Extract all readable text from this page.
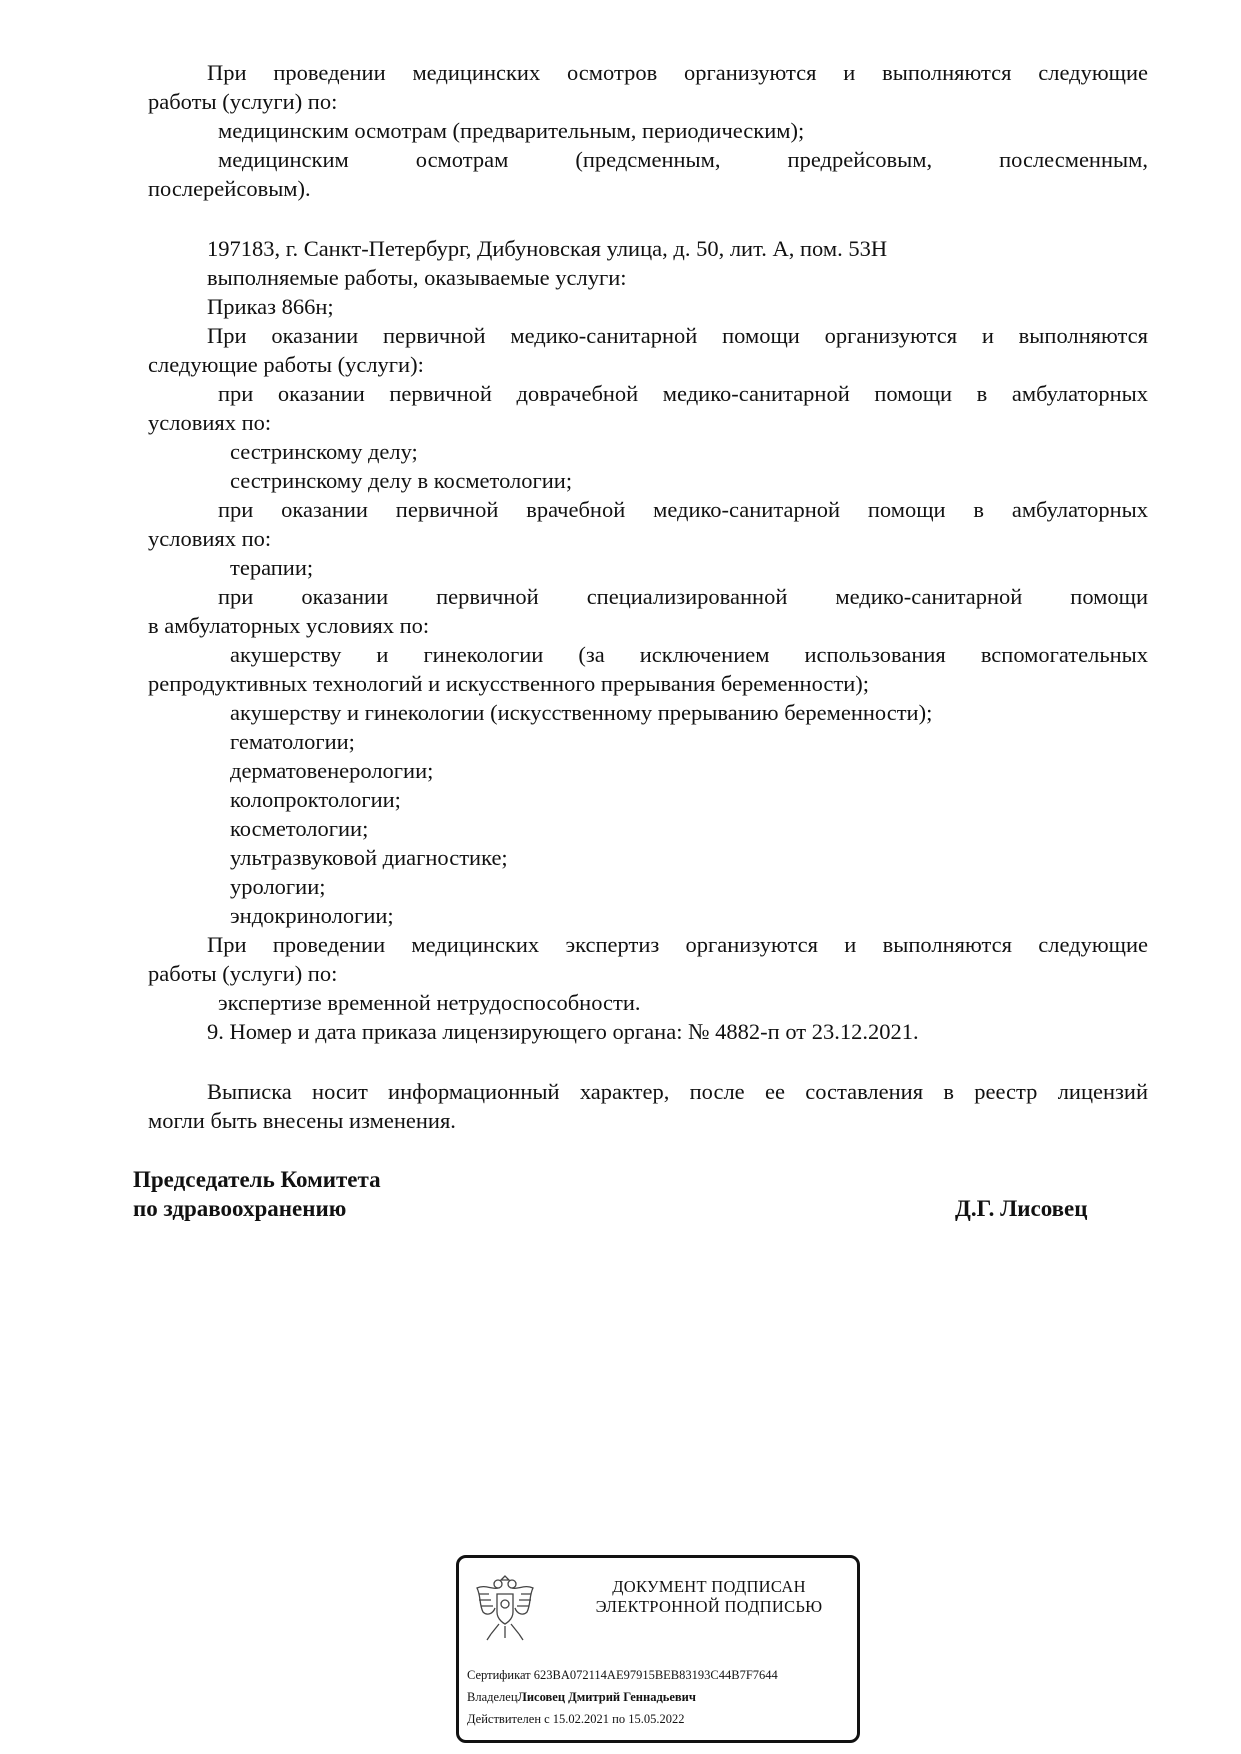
При проведении медицинских осмотров организуются и выполняются следующие
работы (услуги) по:
медицинским осмотрам (предварительным, периодическим);
медицинским осмотрам (предсменным, предрейсовым, послесменным,
послерейсовым).
197183, г. Санкт-Петербург, Дибуновская улица, д. 50, лит. А, пом. 53Н
выполняемые работы, оказываемые услуги:
Приказ 866н;
При оказании первичной медико-санитарной помощи организуются и выполняются
следующие работы (услуги):
при оказании первичной доврачебной медико-санитарной помощи в амбулаторных
условиях по:
сестринскому делу;
сестринскому делу в косметологии;
при оказании первичной врачебной медико-санитарной помощи в амбулаторных
условиях по:
терапии;
при оказании первичной специализированной медико-санитарной помощи
в амбулаторных условиях по:
акушерству и гинекологии (за исключением использования вспомогательных
репродуктивных технологий и искусственного прерывания беременности);
акушерству и гинекологии (искусственному прерыванию беременности);
гематологии;
дерматовенерологии;
колопроктологии;
косметологии;
ультразвуковой диагностике;
урологии;
эндокринологии;
При проведении медицинских экспертиз организуются и выполняются следующие
работы (услуги) по:
экспертизе временной нетрудоспособности.
9. Номер и дата приказа лицензирующего органа: № 4882-п от 23.12.2021.
Выписка носит информационный характер, после ее составления в реестр лицензий
могли быть внесены изменения.
Председатель Комитета
по здравоохранению	Д.Г. Лисовец
ДОКУМЕНТ ПОДПИСАН
ЭЛЕКТРОННОЙ ПОДПИСЬЮ
Сертификат 623BA072114AE97915BEB83193C44B7F7644
ВладелецЛисовец Дмитрий Геннадьевич
Действителен с 15.02.2021 по 15.05.2022
